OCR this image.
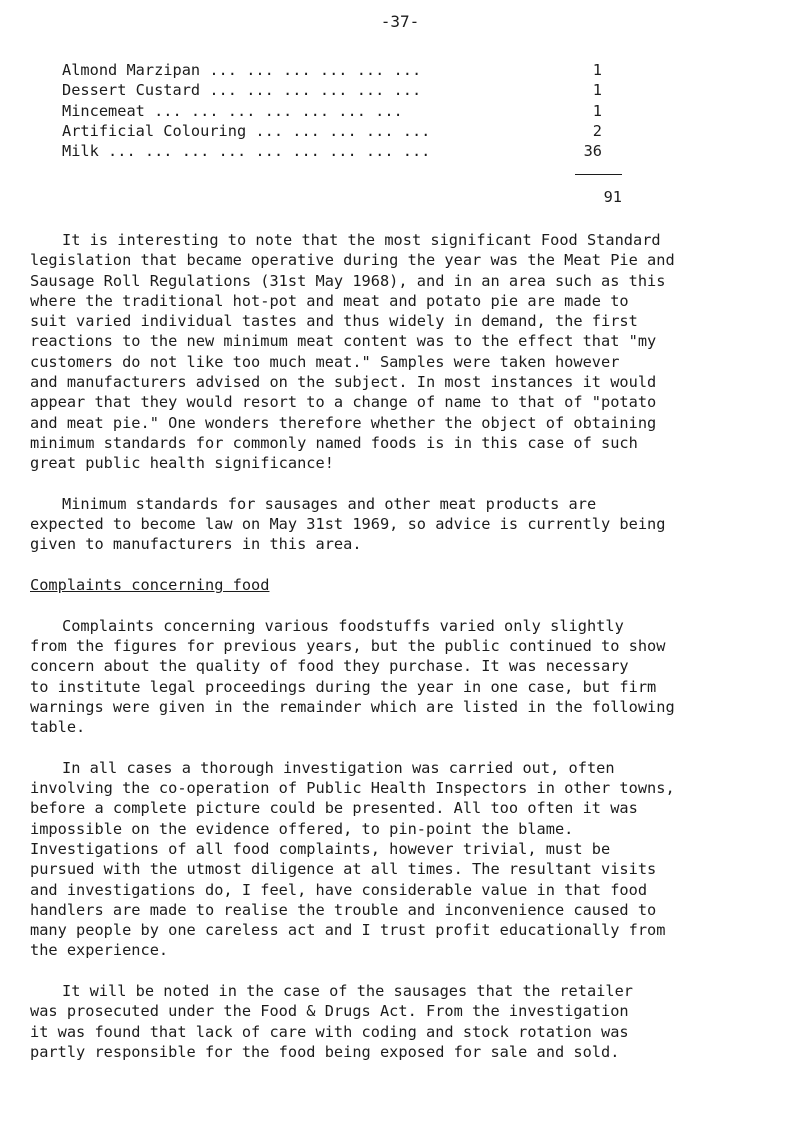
-37-
Almond Marzipan ... ... ... ... ... ...	1
Dessert Custard ... ... ... ... ... ...	1
Mincemeat ... ... ... ... ... ... ...	1
Artificial Colouring ... ... ... ... ...	2
Milk ... ... ... ... ... ... ... ... ...	36
91

It is interesting to note that the most significant Food Standard
legislation that became operative during the year was the Meat Pie and
Sausage Roll Regulations (31st May 1968), and in an area such as this
where the traditional hot-pot and meat and potato pie are made to
suit varied individual tastes and thus widely in demand, the first
reactions to the new minimum meat content was to the effect that "my
customers do not like too much meat." Samples were taken however
and manufacturers advised on the subject. In most instances it would
appear that they would resort to a change of name to that of "potato
and meat pie." One wonders therefore whether the object of obtaining
minimum standards for commonly named foods is in this case of such
great public health significance!

Minimum standards for sausages and other meat products are
expected to become law on May 31st 1969, so advice is currently being
given to manufacturers in this area.

Complaints concerning food

Complaints concerning various foodstuffs varied only slightly
from the figures for previous years, but the public continued to show
concern about the quality of food they purchase. It was necessary
to institute legal proceedings during the year in one case, but firm
warnings were given in the remainder which are listed in the following
table.

In all cases a thorough investigation was carried out, often
involving the co-operation of Public Health Inspectors in other towns,
before a complete picture could be presented. All too often it was
impossible on the evidence offered, to pin-point the blame.
Investigations of all food complaints, however trivial, must be
pursued with the utmost diligence at all times. The resultant visits
and investigations do, I feel, have considerable value in that food
handlers are made to realise the trouble and inconvenience caused to
many people by one careless act and I trust profit educationally from
the experience.

It will be noted in the case of the sausages that the retailer
was prosecuted under the Food & Drugs Act. From the investigation
it was found that lack of care with coding and stock rotation was
partly responsible for the food being exposed for sale and sold.
